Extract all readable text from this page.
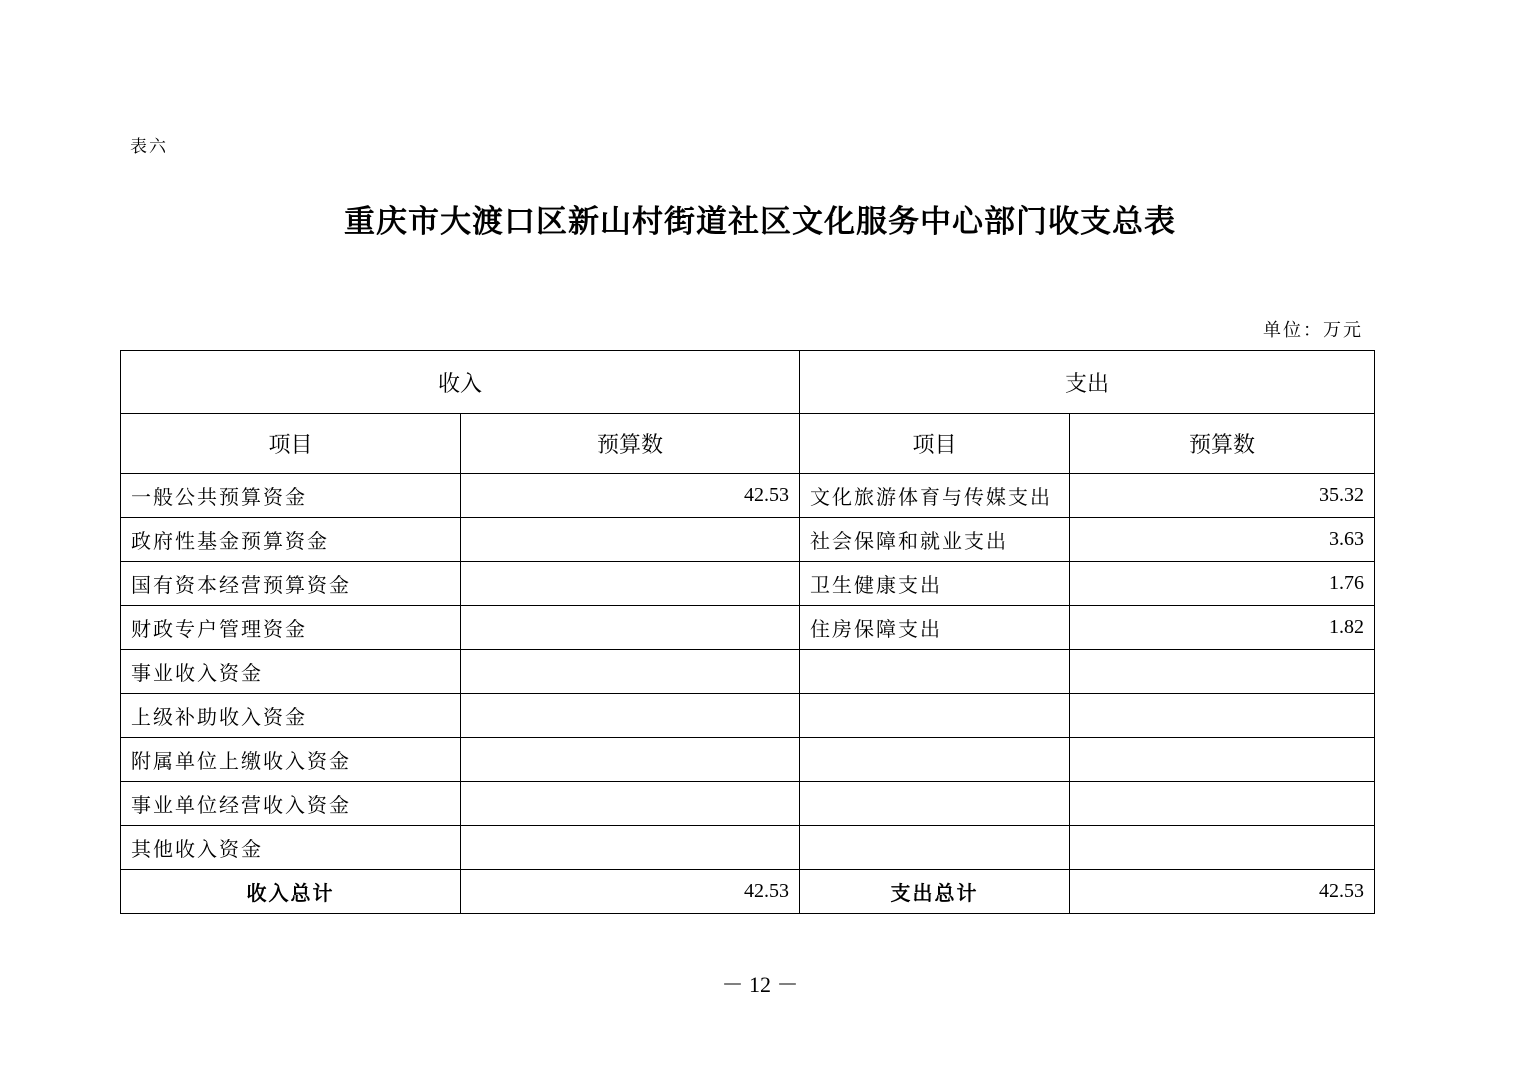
表六
重庆市大渡口区新山村街道社区文化服务中心部门收支总表
单位：万元
收入		支出	
项目	预算数	项目	预算数
一般公共预算资金	42.53	文化旅游体育与传媒支出	35.32
政府性基金预算资金		社会保障和就业支出	3.63
国有资本经营预算资金		卫生健康支出	1.76
财政专户管理资金		住房保障支出	1.82
事业收入资金			
上级补助收入资金			
附属单位上缴收入资金			
事业单位经营收入资金			
其他收入资金			
收入总计	42.53	支出总计	42.53
－ 12 －
